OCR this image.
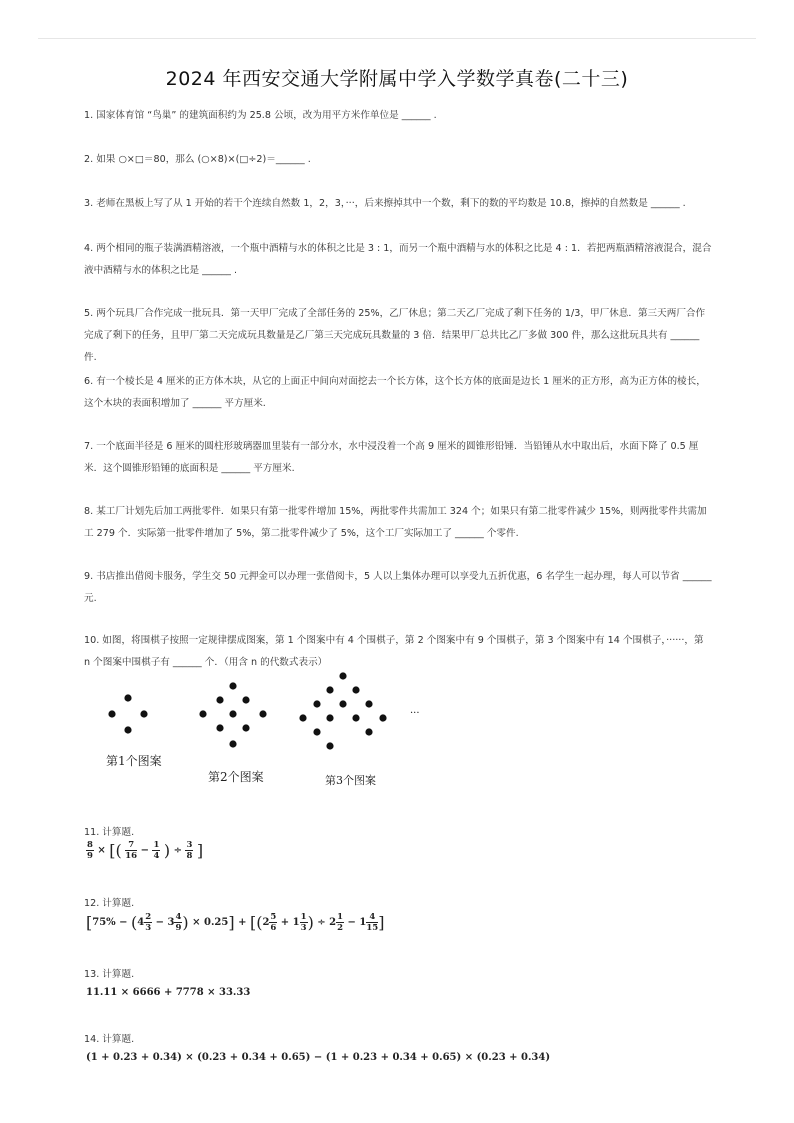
2024 年西安交通大学附属中学入学数学真卷(二十三)
1. 国家体育馆 “鸟巢” 的建筑面积约为 25.8 公顷，改为用平方米作单位是 ______ .
2. 如果 ○×□＝80，那么 (○×8)×(□÷2)＝______ .
3. 老师在黑板上写了从 1 开始的若干个连续自然数 1，2，3，···，后来擦掉其中一个数，剩下的数的平均数是 10.8，擦掉的自然数是 ______ .
4. 两个相同的瓶子装满酒精溶液，一个瓶中酒精与水的体积之比是 3 : 1，而另一个瓶中酒精与水的体积之比是 4 : 1．若把两瓶酒精溶液混合，混合液中酒精与水的体积之比是 ______ .
5. 两个玩具厂合作完成一批玩具．第一天甲厂完成了全部任务的 25%，乙厂休息；第二天乙厂完成了剩下任务的 1/3，甲厂休息．第三天两厂合作完成了剩下的任务，且甲厂第二天完成玩具数量是乙厂第三天完成玩具数量的 3 倍．结果甲厂总共比乙厂多做 300 件，那么这批玩具共有 ______ 件.
6. 有一个棱长是 4 厘米的正方体木块，从它的上面正中间向对面挖去一个长方体，这个长方体的底面是边长 1 厘米的正方形，高为正方体的棱长，这个木块的表面积增加了 ______ 平方厘米.
7. 一个底面半径是 6 厘米的圆柱形玻璃器皿里装有一部分水，水中浸没着一个高 9 厘米的圆锥形铅锤．当铅锤从水中取出后，水面下降了 0.5 厘米．这个圆锥形铅锤的底面积是 ______ 平方厘米.
8. 某工厂计划先后加工两批零件．如果只有第一批零件增加 15%，两批零件共需加工 324 个；如果只有第二批零件减少 15%，则两批零件共需加工 279 个．实际第一批零件增加了 5%，第二批零件减少了 5%，这个工厂实际加工了 ______ 个零件.
9. 书店推出借阅卡服务，学生交 50 元押金可以办理一张借阅卡，5 人以上集体办理可以享受九五折优惠，6 名学生一起办理，每人可以节省 ______ 元.
10. 如图，将围棋子按照一定规律摆成图案，第 1 个图案中有 4 个围棋子，第 2 个图案中有 9 个围棋子，第 3 个图案中有 14 个围棋子，······，第 n 个图案中围棋子有 ______ 个．（用含 n 的代数式表示）
第1个图案
第2个图案	第3个图案
···
11. 计算题.
$\frac{8}{9}$ × [( $\frac{7}{16} - \frac{1}{4}$ ) ÷ $\frac{3}{8}$ ]
12. 计算题.
[$75\% - (4 \frac{2}{3} - 3 \frac{4}{9}$ ) × $0.25] + [(2 \frac{5}{6} + 1 \frac{1}{3}$ ) ÷ $2 \frac{1}{2} - 1 \frac{4}{15}$ ]
13. 计算题.
11.11 × 6666 + 7778 × 33.33
14. 计算题.
(1 + 0.23 + 0.34) × (0.23 + 0.34 + 0.65) − (1 + 0.23 + 0.34 + 0.65) × (0.23 + 0.34)
